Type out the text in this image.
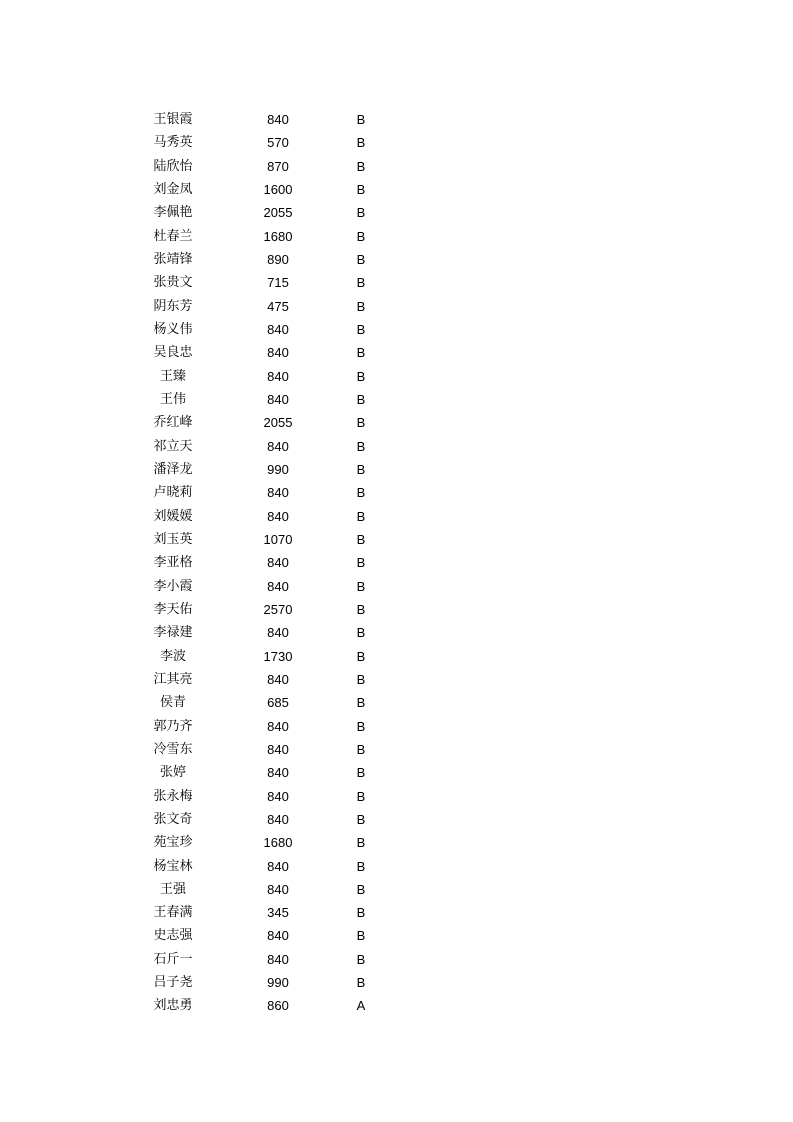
王银霞	840	B
马秀英	570	B
陆欣怡	870	B
刘金凤	1600	B
李佩艳	2055	B
杜春兰	1680	B
张靖锋	890	B
张贵文	715	B
阴东芳	475	B
杨义伟	840	B
吴良忠	840	B
王臻	840	B
王伟	840	B
乔红峰	2055	B
祁立天	840	B
潘泽龙	990	B
卢晓莉	840	B
刘媛媛	840	B
刘玉英	1070	B
李亚格	840	B
李小霞	840	B
李天佑	2570	B
李禄建	840	B
李波	1730	B
江其亮	840	B
侯青	685	B
郭乃齐	840	B
冷雪东	840	B
张婷	840	B
张永梅	840	B
张文奇	840	B
苑宝珍	1680	B
杨宝林	840	B
王强	840	B
王春满	345	B
史志强	840	B
石斤一	840	B
吕子尧	990	B
刘忠勇	860	A
